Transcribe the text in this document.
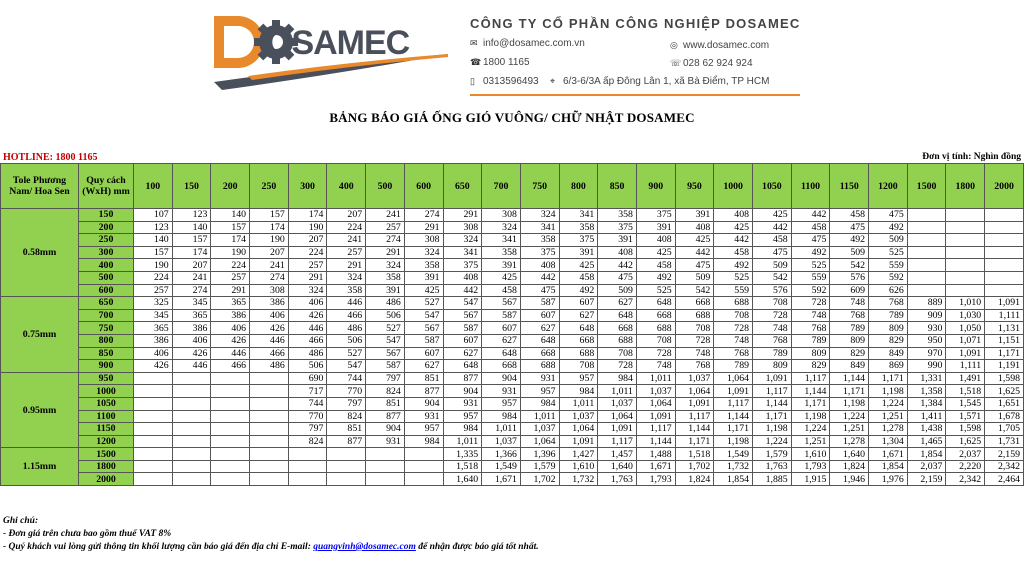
OSAMEC
CÔNG TY CỔ PHẦN CÔNG NGHIỆP DOSAMEC
✉ info@dosamec.com.vn	◎ www.dosamec.com
☎ 1800 1165	☏ 028 62 924 924
▯ 0313596493 ⌖ 6/3-6/3A ấp Đông Lân 1, xã Bà Điểm, TP HCM
BẢNG BÁO GIÁ ỐNG GIÓ VUÔNG/ CHỮ NHẬT DOSAMEC
HOTLINE: 1800 1165	Đơn vị tính: Nghìn đồng
Tole Phương Nam/ Hoa Sen	Quy cách (WxH) mm	100	150	200	250	300	400	500	600	650	700	750	800	850	900	950	1000	1050	1100	1150	1200	1500	1800	2000
0.58mm	150	107	123	140	157	174	207	241	274	291	308	324	341	358	375	391	408	425	442	458	475			
	200	123	140	157	174	190	224	257	291	308	324	341	358	375	391	408	425	442	458	475	492			
	250	140	157	174	190	207	241	274	308	324	341	358	375	391	408	425	442	458	475	492	509			
	300	157	174	190	207	224	257	291	324	341	358	375	391	408	425	442	458	475	492	509	525			
	400	190	207	224	241	257	291	324	358	375	391	408	425	442	458	475	492	509	525	542	559			
	500	224	241	257	274	291	324	358	391	408	425	442	458	475	492	509	525	542	559	576	592			
	600	257	274	291	308	324	358	391	425	442	458	475	492	509	525	542	559	576	592	609	626			
0.75mm	650	325	345	365	386	406	446	486	527	547	567	587	607	627	648	668	688	708	728	748	768	889	1,010	1,091
	700	345	365	386	406	426	466	506	547	567	587	607	627	648	668	688	708	728	748	768	789	909	1,030	1,111
	750	365	386	406	426	446	486	527	567	587	607	627	648	668	688	708	728	748	768	789	809	930	1,050	1,131
	800	386	406	426	446	466	506	547	587	607	627	648	668	688	708	728	748	768	789	809	829	950	1,071	1,151
	850	406	426	446	466	486	527	567	607	627	648	668	688	708	728	748	768	789	809	829	849	970	1,091	1,171
	900	426	446	466	486	506	547	587	627	648	668	688	708	728	748	768	789	809	829	849	869	990	1,111	1,191
0.95mm	950					690	744	797	851	877	904	931	957	984	1,011	1,037	1,064	1,091	1,117	1,144	1,171	1,331	1,491	1,598
	1000					717	770	824	877	904	931	957	984	1,011	1,037	1,064	1,091	1,117	1,144	1,171	1,198	1,358	1,518	1,625
	1050					744	797	851	904	931	957	984	1,011	1,037	1,064	1,091	1,117	1,144	1,171	1,198	1,224	1,384	1,545	1,651
	1100					770	824	877	931	957	984	1,011	1,037	1,064	1,091	1,117	1,144	1,171	1,198	1,224	1,251	1,411	1,571	1,678
	1150					797	851	904	957	984	1,011	1,037	1,064	1,091	1,117	1,144	1,171	1,198	1,224	1,251	1,278	1,438	1,598	1,705
	1200					824	877	931	984	1,011	1,037	1,064	1,091	1,117	1,144	1,171	1,198	1,224	1,251	1,278	1,304	1,465	1,625	1,731
1.15mm	1500									1,335	1,366	1,396	1,427	1,457	1,488	1,518	1,549	1,579	1,610	1,640	1,671	1,854	2,037	2,159
	1800									1,518	1,549	1,579	1,610	1,640	1,671	1,702	1,732	1,763	1,793	1,824	1,854	2,037	2,220	2,342
	2000									1,640	1,671	1,702	1,732	1,763	1,793	1,824	1,854	1,885	1,915	1,946	1,976	2,159	2,342	2,464
Ghi chú:
- Đơn giá trên chưa bao gồm thuế VAT 8%
- Quý khách vui lòng gửi thông tin khối lượng cần báo giá đến địa chỉ E-mail: quangvinh@dosamec.com để nhận được báo giá tốt nhất.
